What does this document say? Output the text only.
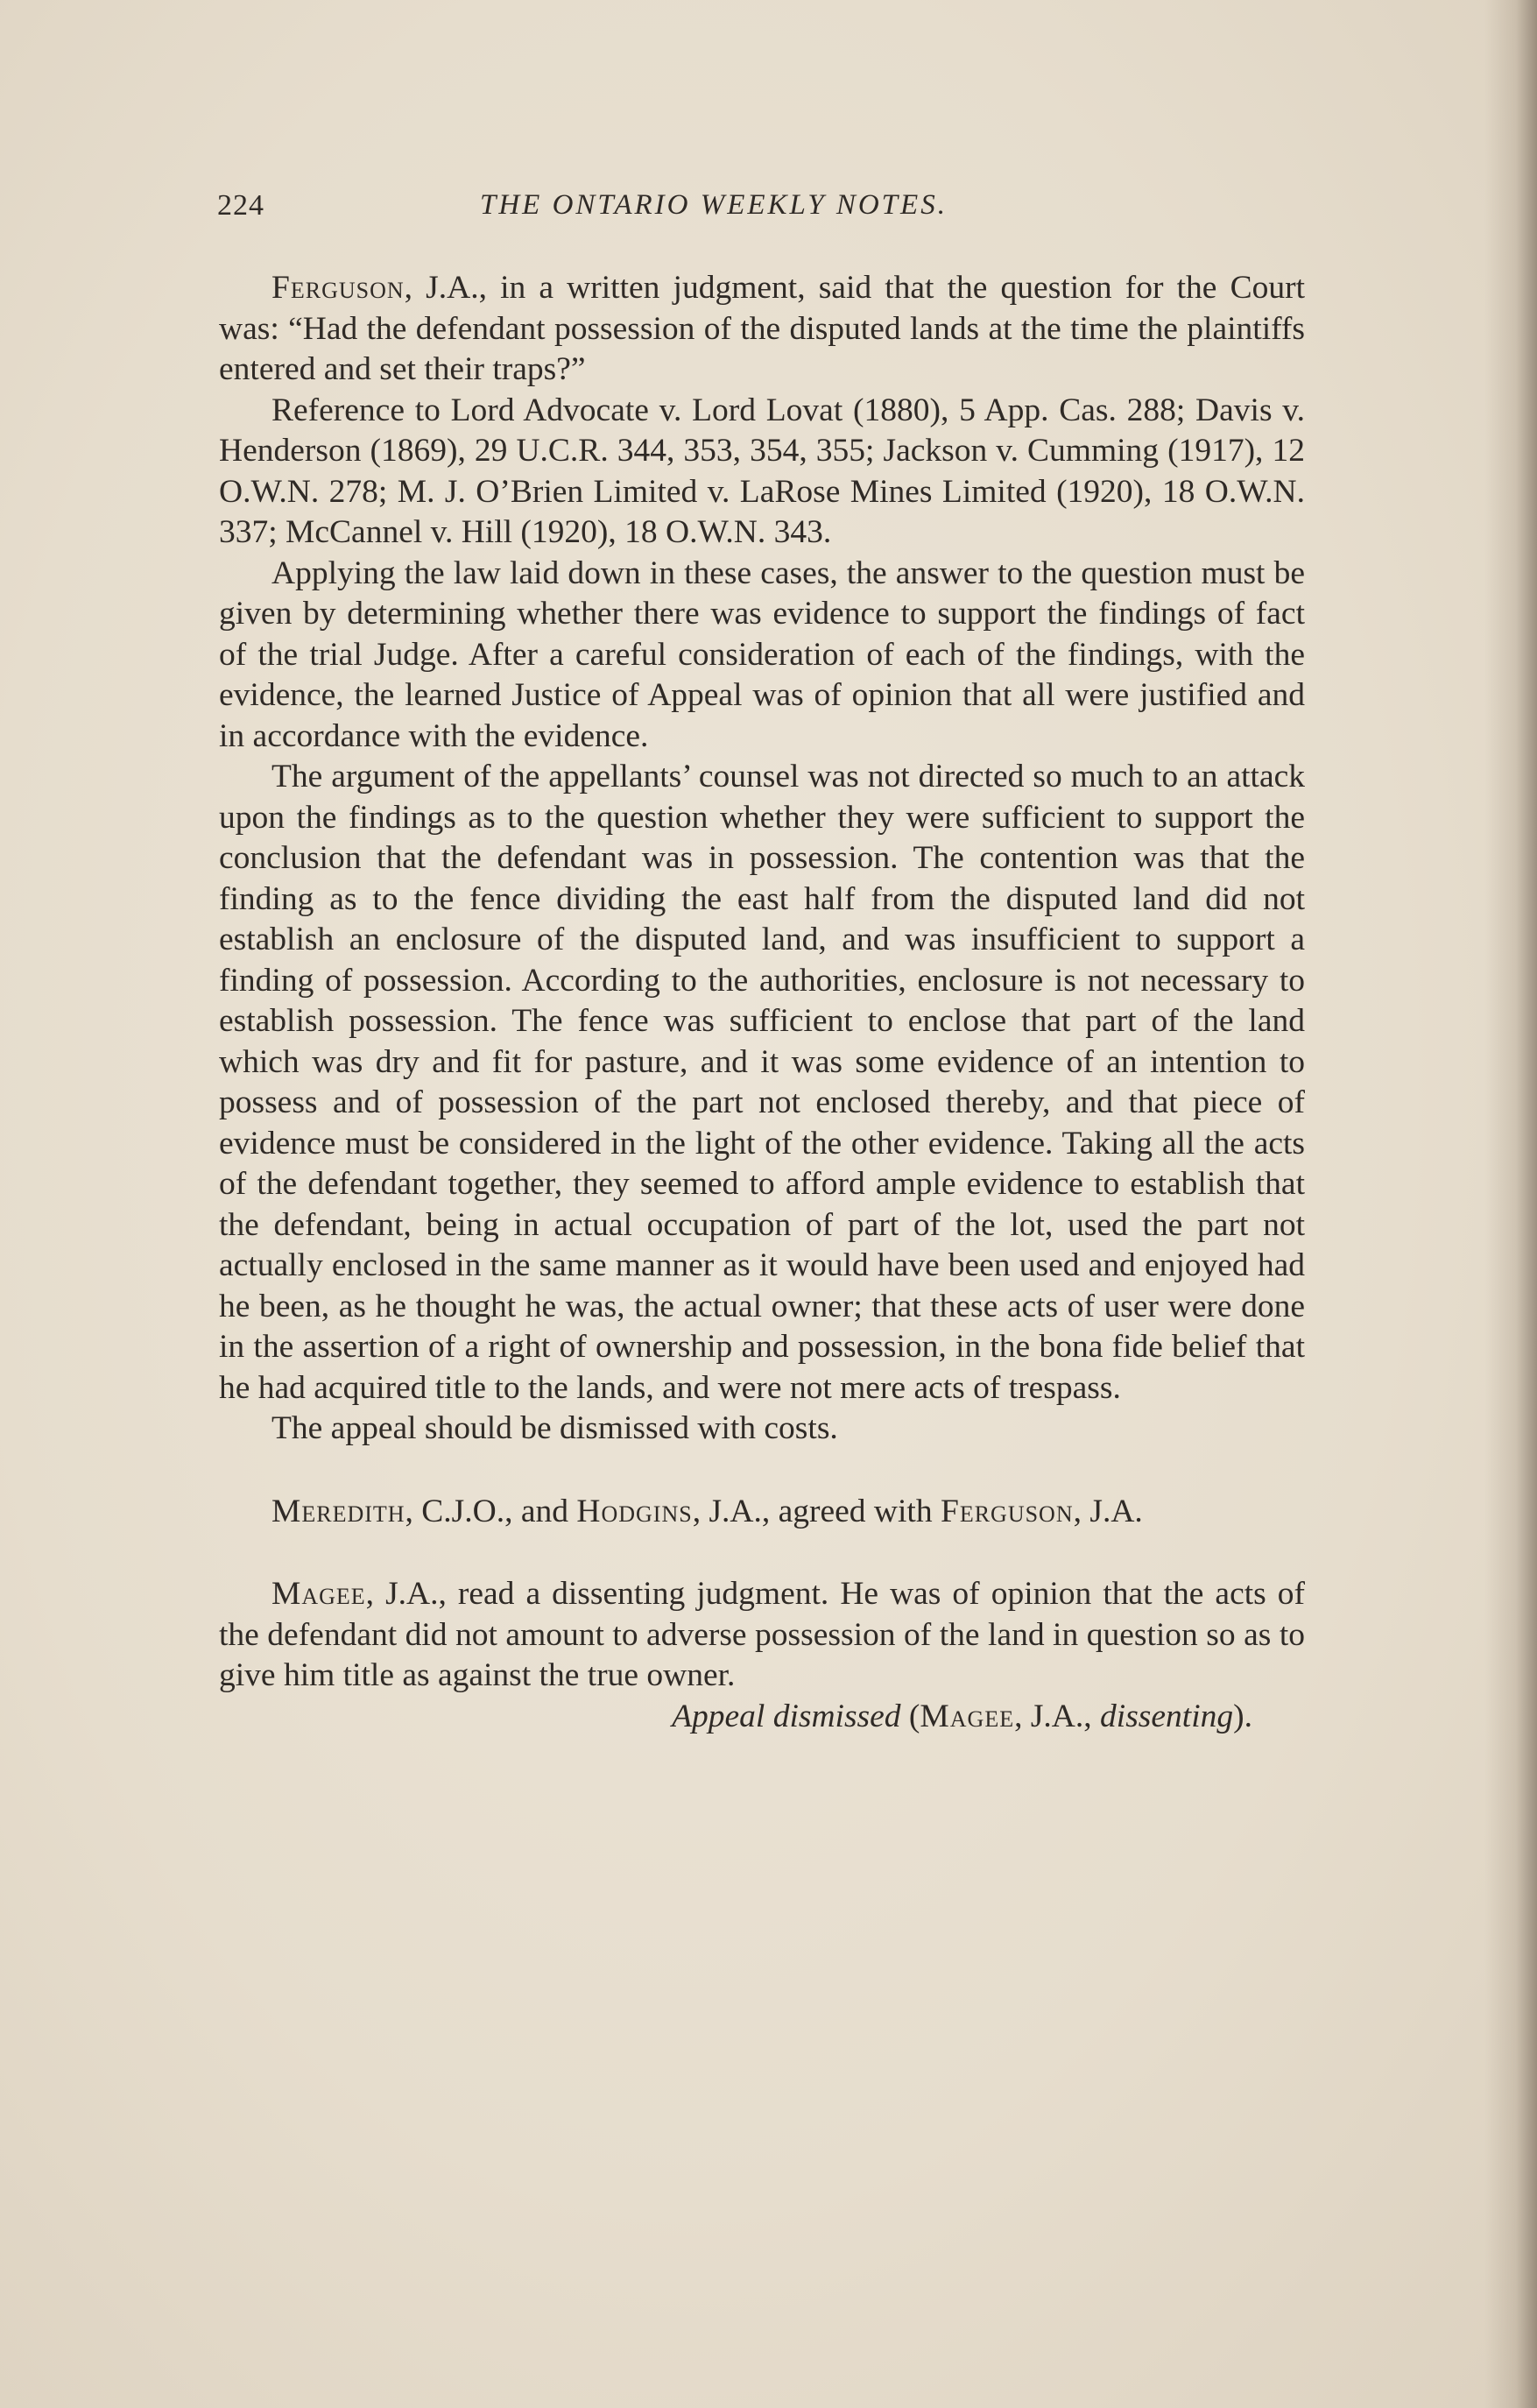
224	THE ONTARIO WEEKLY NOTES.

Ferguson, J.A., in a written judgment, said that the question for the Court was: “Had the defendant possession of the disputed lands at the time the plaintiffs entered and set their traps?”

Reference to Lord Advocate v. Lord Lovat (1880), 5 App. Cas. 288; Davis v. Henderson (1869), 29 U.C.R. 344, 353, 354, 355; Jackson v. Cumming (1917), 12 O.W.N. 278; M. J. O’Brien Limited v. LaRose Mines Limited (1920), 18 O.W.N. 337; McCannel v. Hill (1920), 18 O.W.N. 343.

Applying the law laid down in these cases, the answer to the question must be given by determining whether there was evidence to support the findings of fact of the trial Judge. After a careful consideration of each of the findings, with the evidence, the learned Justice of Appeal was of opinion that all were justified and in accordance with the evidence.

The argument of the appellants’ counsel was not directed so much to an attack upon the findings as to the question whether they were sufficient to support the conclusion that the defendant was in possession. The contention was that the finding as to the fence dividing the east half from the disputed land did not establish an enclosure of the disputed land, and was insufficient to support a finding of possession. According to the authorities, enclosure is not necessary to establish possession. The fence was sufficient to enclose that part of the land which was dry and fit for pasture, and it was some evidence of an intention to possess and of possession of the part not enclosed thereby, and that piece of evidence must be considered in the light of the other evidence. Taking all the acts of the defendant together, they seemed to afford ample evidence to establish that the defendant, being in actual occupation of part of the lot, used the part not actually enclosed in the same manner as it would have been used and enjoyed had he been, as he thought he was, the actual owner; that these acts of user were done in the assertion of a right of ownership and possession, in the bona fide belief that he had acquired title to the lands, and were not mere acts of trespass.

The appeal should be dismissed with costs.

Meredith, C.J.O., and Hodgins, J.A., agreed with Ferguson, J.A.

Magee, J.A., read a dissenting judgment. He was of opinion that the acts of the defendant did not amount to adverse possession of the land in question so as to give him title as against the true owner.

Appeal dismissed (Magee, J.A., dissenting).
